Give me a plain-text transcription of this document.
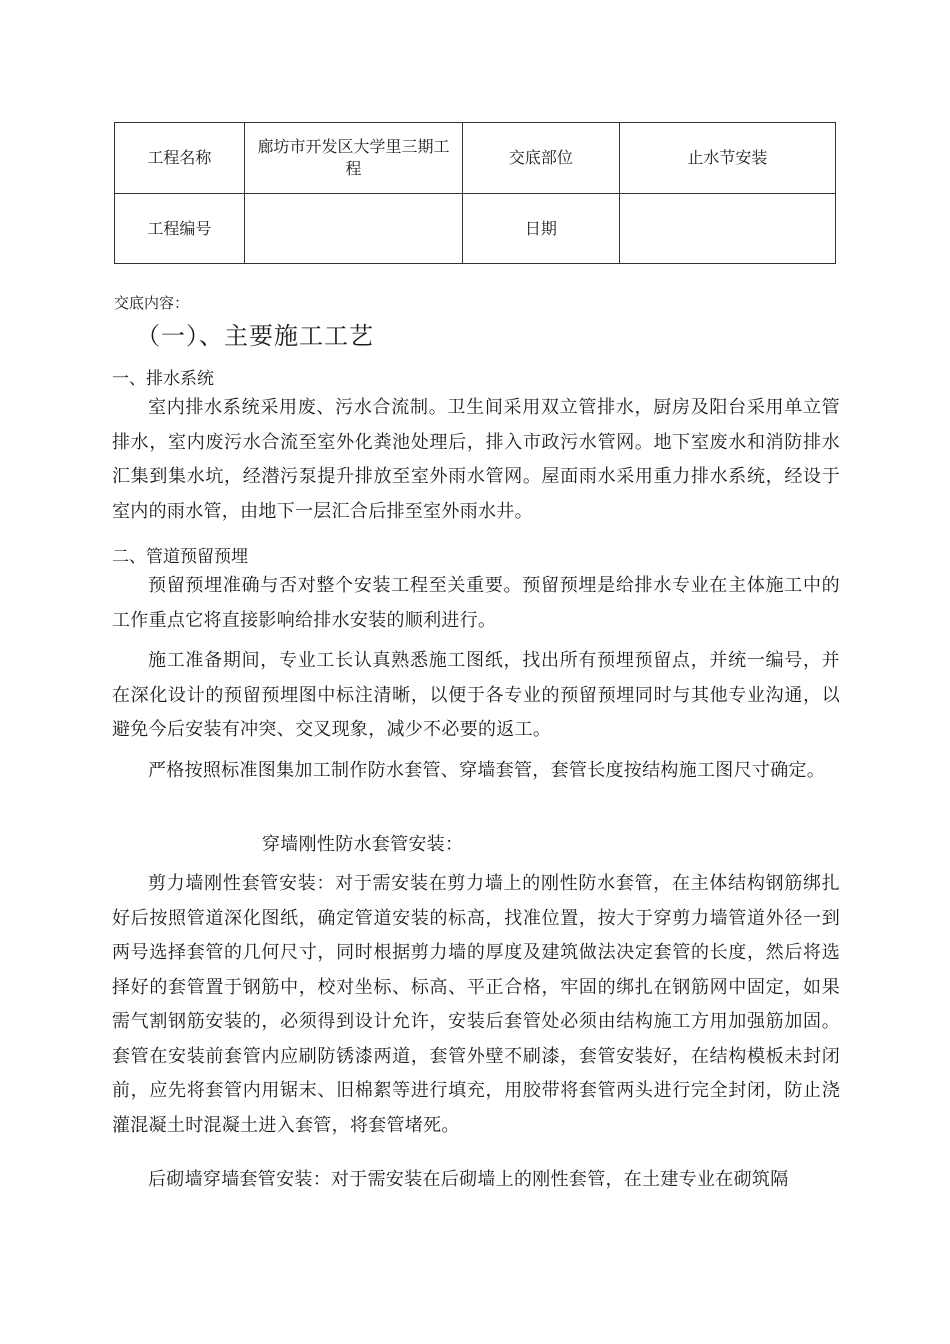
工程名称	廊坊市开发区大学里三期工程	交底部位	止水节安装
工程编号		日期	
交底内容：
（一）、主要施工工艺
一、排水系统

室内排水系统采用废、污水合流制。卫生间采用双立管排水，厨房及阳台采用单立管排水，室内废污水合流至室外化粪池处理后，排入市政污水管网。地下室废水和消防排水汇集到集水坑，经潜污泵提升排放至室外雨水管网。屋面雨水采用重力排水系统，经设于室内的雨水管，由地下一层汇合后排至室外雨水井。

二、管道预留预埋

预留预埋准确与否对整个安装工程至关重要。预留预埋是给排水专业在主体施工中的工作重点它将直接影响给排水安装的顺利进行。

施工准备期间，专业工长认真熟悉施工图纸，找出所有预埋预留点，并统一编号，并在深化设计的预留预埋图中标注清晰，以便于各专业的预留预埋同时与其他专业沟通，以避免今后安装有冲突、交叉现象，减少不必要的返工。

严格按照标准图集加工制作防水套管、穿墙套管，套管长度按结构施工图尺寸确定。

穿墙刚性防水套管安装：

剪力墙刚性套管安装：对于需安装在剪力墙上的刚性防水套管，在主体结构钢筋绑扎好后按照管道深化图纸，确定管道安装的标高，找准位置，按大于穿剪力墙管道外径一到两号选择套管的几何尺寸，同时根据剪力墙的厚度及建筑做法决定套管的长度，然后将选择好的套管置于钢筋中，校对坐标、标高、平正合格，牢固的绑扎在钢筋网中固定，如果需气割钢筋安装的，必须得到设计允许，安装后套管处必须由结构施工方用加强筋加固。套管在安装前套管内应刷防锈漆两道，套管外壁不刷漆，套管安装好，在结构模板未封闭前，应先将套管内用锯末、旧棉絮等进行填充，用胶带将套管两头进行完全封闭，防止浇灌混凝土时混凝土进入套管，将套管堵死。

后砌墙穿墙套管安装：对于需安装在后砌墙上的刚性套管，在土建专业在砌筑隔
